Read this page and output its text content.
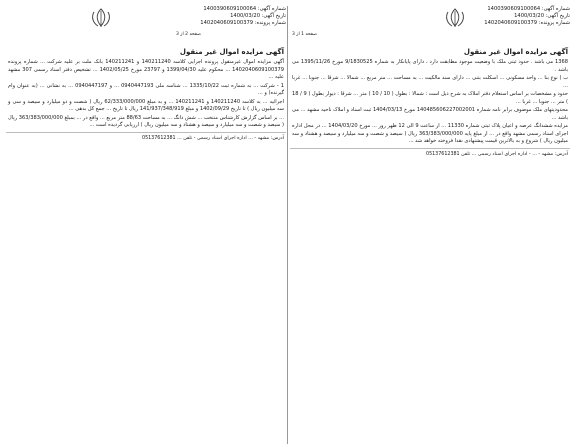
شماره آگهی: 1400390609100064
تاریخ آگهی: 1400/03/20
شماره پرونده: 1402040609100379
صفحه 2 از 3
آگهی مزایده اموال غیر منقول

آگهی مزایده اموال غیرمنقول پرونده اجرایی کلاسه 140211240 و 140211241 بانک ملت بر علیه شرکت ... شماره پرونده 1402040609100379 ... محکوم علیه 1399/04/30 و 23797 مورخ 1402/05/25 ... تشخیص دفتر اسناد رسمی 307 مشهد علیه ...

1 - شرکت ... به شماره ثبت 1335/10/22 ... شناسه ملی 0940447193 ... و 0940447197 ... به نشانی ... (به عنوان وام گیرنده) و ...

اجرائیه ... به کلاسه 140211240 و 140211241 ... و به مبلغ 62/333/000/000 ریال ( شصت و دو میلیارد و سیصد و سی و سه میلیون ریال ) تا تاریخ 1402/09/29 و مبلغ 141/937/348/919 ریال تا تاریخ ... جمع کل بدهی ...

... بر اساس گزارش کارشناس منتخب ... شش دانگ ... به مساحت 88/63 متر مربع ... واقع در ... بمبلغ 363/383/000/000 ریال ( سیصد و شصت و سه میلیارد و سیصد و هشتاد و سه میلیون ریال ) ارزیابی گردیده است ...

آدرس: مشهد - ... اداره اجرای اسناد رسمی - تلفن ... 05137612381
شماره آگهی: 1400390609100064
تاریخ آگهی: 1400/03/20
شماره پرونده: 1402040609100379
صفحه 1 از 3
آگهی مزایده اموال غیر منقول

1368 می باشد . حدود ثبتی ملک با وضعیت موجود مطابقت دارد ، دارای پایانکار به شماره 9/1830525 مورخ 1395/11/26 می باشد .

ب ) نوع بنا ... واحد مسکونی ... اسکلت بتنی ... دارای سند مالکیت ... به مساحت ... متر مربع ... شمالا ... شرقا ... جنوبا ... غربا ...

حدود و مشخصات بر اساس استعلام دفتر املاک به شرح ذیل است : شمالا : بطول ( 10 / 10 ) متر ... شرقا : دیوار بطول ( 9 / 18 ) متر ... جنوبا ... غربا ...

محدودیتهای ملک موصوف برابر نامه شماره 140485606227002001 مورخ 1404/03/13 ثبت اسناد و املاک ناحیه مشهد ... می باشد ...

مزایده ششدانگ عرصه و اعیان پلاک ثبتی شماره 11330 ... از ساعت 9 الی 12 ظهر روز ... مورخ 1404/03/20 ... در محل اداره اجرای اسناد رسمی مشهد واقع در ... از مبلغ پایه 363/383/000/000 ریال ( سیصد و شصت و سه میلیارد و سیصد و هشتاد و سه میلیون ریال ) شروع و به بالاترین قیمت پیشنهادی نقدا فروخته خواهد شد ...

آدرس: مشهد - ... - اداره اجرای اسناد رسمی ... تلفن 05137612381
